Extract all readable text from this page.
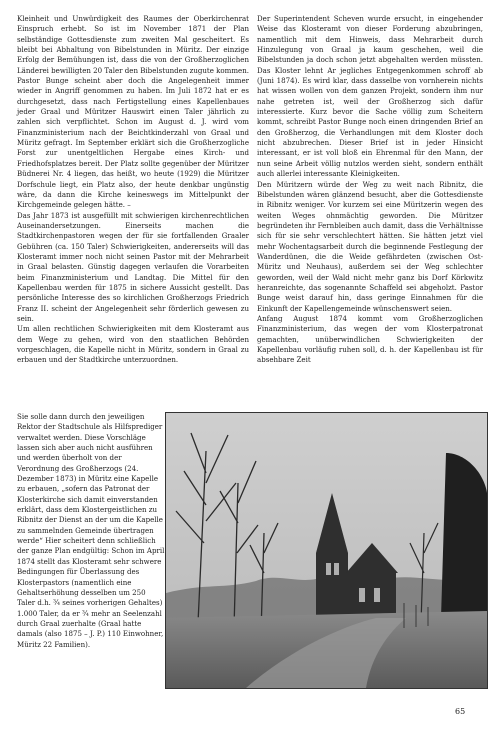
Kleinheit und Unwürdigkeit des Raumes der Oberkirchenrat Einspruch erhebt. So ist im November 1871 der Plan selbständige Gottesdienste zum zweiten Mal gescheitert. Es bleibt bei Abhaltung von Bibelstunden in Müritz. Der einzige Erfolg der Bemühungen ist, dass die von der Großherzoglichen Länderei bewilligten 20 Taler den Bibelstunden zugute kommen. Pastor Bunge scheint aber doch die Angelegenheit immer wieder in Angriff genommen zu haben. Im Juli 1872 hat er es durchgesetzt, dass nach Fertigstellung eines Kapellenbaues jeder Graal und Müritzer Hauswirt einen Taler jährlich zu zahlen sich verpflichtet. Schon im August d. J. wird vom Finanzministerium nach der Beichtkinderzahl von Graal und Müritz gefragt. Im September erklärt sich die Großherzogliche Forst zur unentgeltlichen Hergabe eines Kirch- und Friedhofsplatzes bereit. Der Platz sollte gegenüber der Müritzer Büdnerei Nr. 4 liegen, das heißt, wo heute (1929) die Müritzer Dorfschule liegt, ein Platz also, der heute denkbar ungünstig wäre, da dann die Kirche keineswegs im Mittelpunkt der Kirchgemeinde gelegen hätte. –

Das Jahr 1873 ist ausgefüllt mit schwierigen kirchenrechtlichen Auseinandersetzungen. Einerseits machen die Stadtkirchenpastoren wegen der für sie fortfallenden Graaler Gebühren (ca. 150 Taler) Schwierigkeiten, andererseits will das Klosteramt immer noch nicht seinen Pastor mit der Mehrarbeit in Graal belasten. Günstig dagegen verlaufen die Vorarbeiten beim Finanzministerium und Landtag. Die Mittel für den Kapellenbau werden für 1875 in sichere Aussicht gestellt. Das persönliche Interesse des so kirchlichen Großherzogs Friedrich Franz II. scheint der Angelegenheit sehr förderlich gewesen zu sein.

Um allen rechtlichen Schwierigkeiten mit dem Klosteramt aus dem Wege zu gehen, wird von den staatlichen Behörden vorgeschlagen, die Kapelle nicht in Müritz, sondern in Graal zu erbauen und der Stadtkirche unterzuordnen.

Der Superintendent Scheven wurde ersucht, in eingehender Weise das Klosteramt von dieser Forderung abzubringen, namentlich mit dem Hinweis, dass Mehrarbeit durch Hinzulegung von Graal ja kaum geschehen, weil die Bibelstunden ja doch schon jetzt abgehalten werden müssten. Das Kloster lehnt Ar jegliches Entgegenkommen schroff ab (Juni 1874). Es wird klar, dass dasselbe von vornherein nichts hat wissen wollen von dem ganzen Projekt, sondern ihm nur nahe getreten ist, weil der Großherzog sich dafür interessierte. Kurz bevor die Sache völlig zum Scheitern kommt, schreibt Pastor Bunge noch einen dringenden Brief an den Großherzog, die Verhandlungen mit dem Kloster doch nicht abzubrechen. Dieser Brief ist in jeder Hinsicht interessant, er ist voll bloß ein Ehrenmal für den Mann, der nun seine Arbeit völlig nutzlos werden sieht, sondern enthält auch allerlei interessante Kleinigkeiten.

Den Müritzern würde der Weg zu weit nach Ribnitz, die Bibelstunden wären glänzend besucht, aber die Gottesdienste in Ribnitz weniger. Vor kurzem sei eine Müritzerin wegen des weiten Weges ohnmächtig geworden. Die Müritzer begründeten ihr Fernbleiben auch damit, dass die Verhältnisse sich für sie sehr verschlechtert hätten. Sie hätten jetzt viel mehr Wochentagsarbeit durch die beginnende Festlegung der Wanderdünen, die die Weide gefährdeten (zwischen Ost-Müritz und Neuhaus), außerdem sei der Weg schlechter geworden, weil der Wald nicht mehr ganz bis Dorf Körkwitz heranreichte, das sogenannte Schaffeld sei abgeholzt. Pastor Bunge weist darauf hin, dass geringe Einnahmen für die Einkunft der Kapellengemeinde wünschenswert seien.

Anfang August 1874 kommt vom Großherzoglichen Finanzministerium, das wegen der vom Klosterpatronat gemachten, unüberwindlichen Schwierigkeiten der Kapellenbau vorläufig ruhen soll, d. h. der Kapellenbau ist für absehbare Zeit

Sie solle dann durch den jeweiligen Rektor der Stadtschule als Hilfsprediger verwaltet werden. Diese Vorschläge lassen sich aber auch nicht ausführen und werden überholt von der Verordnung des Großherzogs (24. Dezember 1873) in Müritz eine Kapelle zu erbauen, „sofern das Patronat der Klosterkirche sich damit einverstanden erklärt, dass dem Klostergeistlichen zu Ribnitz der Dienst an der um die Kapelle zu sammelnden Gemeinde übertragen werde“ Hier scheitert denn schließlich der ganze Plan endgültig: Schon im April 1874 stellt das Klosteramt sehr schwere Bedingungen für Überlassung des Klosterpastors (namentlich eine Gehaltserhöhung desselben um 250 Taler d.h. ¾ seines vorherigen Gehaltes) 1.000 Taler, da er ¾ mehr an Seelenzahl durch Graal zuerhalte (Graal hatte damals (also 1875 – J. P.) 110 Einwohner, Müritz 22 Familien).

65
